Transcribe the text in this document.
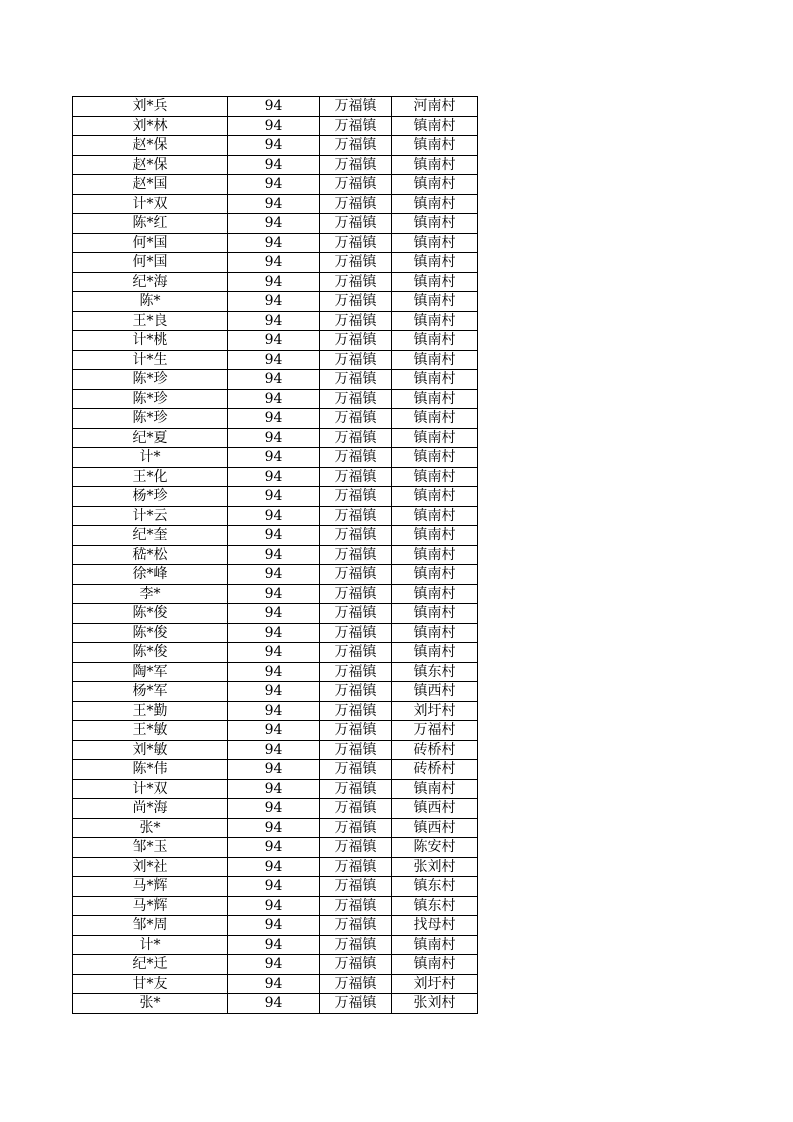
刘*兵	94	万福镇	河南村
刘*林	94	万福镇	镇南村
赵*保	94	万福镇	镇南村
赵*保	94	万福镇	镇南村
赵*国	94	万福镇	镇南村
计*双	94	万福镇	镇南村
陈*红	94	万福镇	镇南村
何*国	94	万福镇	镇南村
何*国	94	万福镇	镇南村
纪*海	94	万福镇	镇南村
陈*	94	万福镇	镇南村
王*良	94	万福镇	镇南村
计*桃	94	万福镇	镇南村
计*生	94	万福镇	镇南村
陈*珍	94	万福镇	镇南村
陈*珍	94	万福镇	镇南村
陈*珍	94	万福镇	镇南村
纪*夏	94	万福镇	镇南村
计*	94	万福镇	镇南村
王*化	94	万福镇	镇南村
杨*珍	94	万福镇	镇南村
计*云	94	万福镇	镇南村
纪*奎	94	万福镇	镇南村
嵇*松	94	万福镇	镇南村
徐*峰	94	万福镇	镇南村
李*	94	万福镇	镇南村
陈*俊	94	万福镇	镇南村
陈*俊	94	万福镇	镇南村
陈*俊	94	万福镇	镇南村
陶*军	94	万福镇	镇东村
杨*军	94	万福镇	镇西村
王*勤	94	万福镇	刘圩村
王*敏	94	万福镇	万福村
刘*敏	94	万福镇	砖桥村
陈*伟	94	万福镇	砖桥村
计*双	94	万福镇	镇南村
尚*海	94	万福镇	镇西村
张*	94	万福镇	镇西村
邹*玉	94	万福镇	陈安村
刘*社	94	万福镇	张刘村
马*辉	94	万福镇	镇东村
马*辉	94	万福镇	镇东村
邹*周	94	万福镇	找母村
计*	94	万福镇	镇南村
纪*迁	94	万福镇	镇南村
甘*友	94	万福镇	刘圩村
张*	94	万福镇	张刘村
